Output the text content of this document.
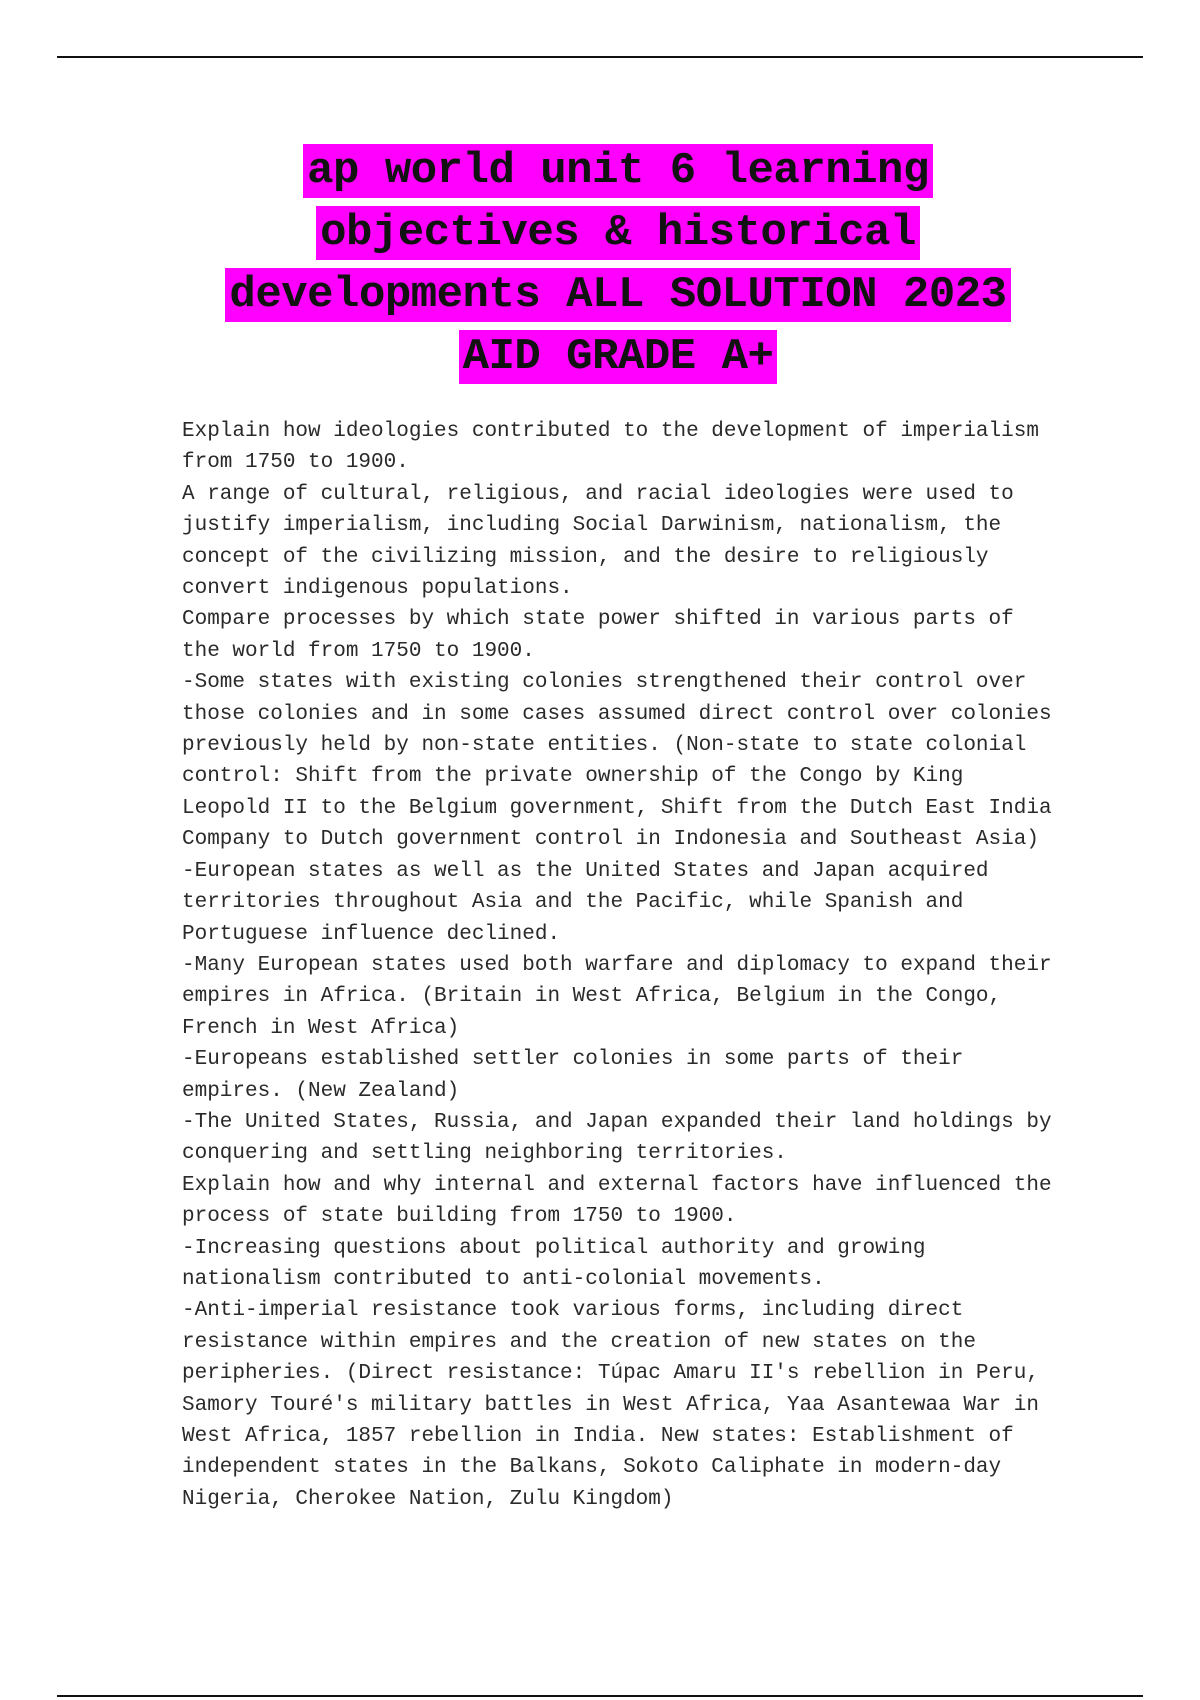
ap world unit 6 learning objectives & historical developments ALL SOLUTION 2023 AID GRADE A+

Explain how ideologies contributed to the development of imperialism from 1750 to 1900.

A range of cultural, religious, and racial ideologies were used to justify imperialism, including Social Darwinism, nationalism, the concept of the civilizing mission, and the desire to religiously convert indigenous populations.

Compare processes by which state power shifted in various parts of the world from 1750 to 1900.

-Some states with existing colonies strengthened their control over those colonies and in some cases assumed direct control over colonies previously held by non-state entities. (Non-state to state colonial control: Shift from the private ownership of the Congo by King Leopold II to the Belgium government, Shift from the Dutch East India Company to Dutch government control in Indonesia and Southeast Asia)

-European states as well as the United States and Japan acquired territories throughout Asia and the Pacific, while Spanish and Portuguese influence declined.

-Many European states used both warfare and diplomacy to expand their empires in Africa. (Britain in West Africa, Belgium in the Congo, French in West Africa)

-Europeans established settler colonies in some parts of their empires. (New Zealand)

-The United States, Russia, and Japan expanded their land holdings by conquering and settling neighboring territories.

Explain how and why internal and external factors have influenced the process of state building from 1750 to 1900.

-Increasing questions about political authority and growing nationalism contributed to anti-colonial movements.

-Anti-imperial resistance took various forms, including direct resistance within empires and the creation of new states on the peripheries. (Direct resistance: Túpac Amaru II's rebellion in Peru, Samory Touré's military battles in West Africa, Yaa Asantewaa War in West Africa, 1857 rebellion in India. New states: Establishment of independent states in the Balkans, Sokoto Caliphate in modern-day Nigeria, Cherokee Nation, Zulu Kingdom)
